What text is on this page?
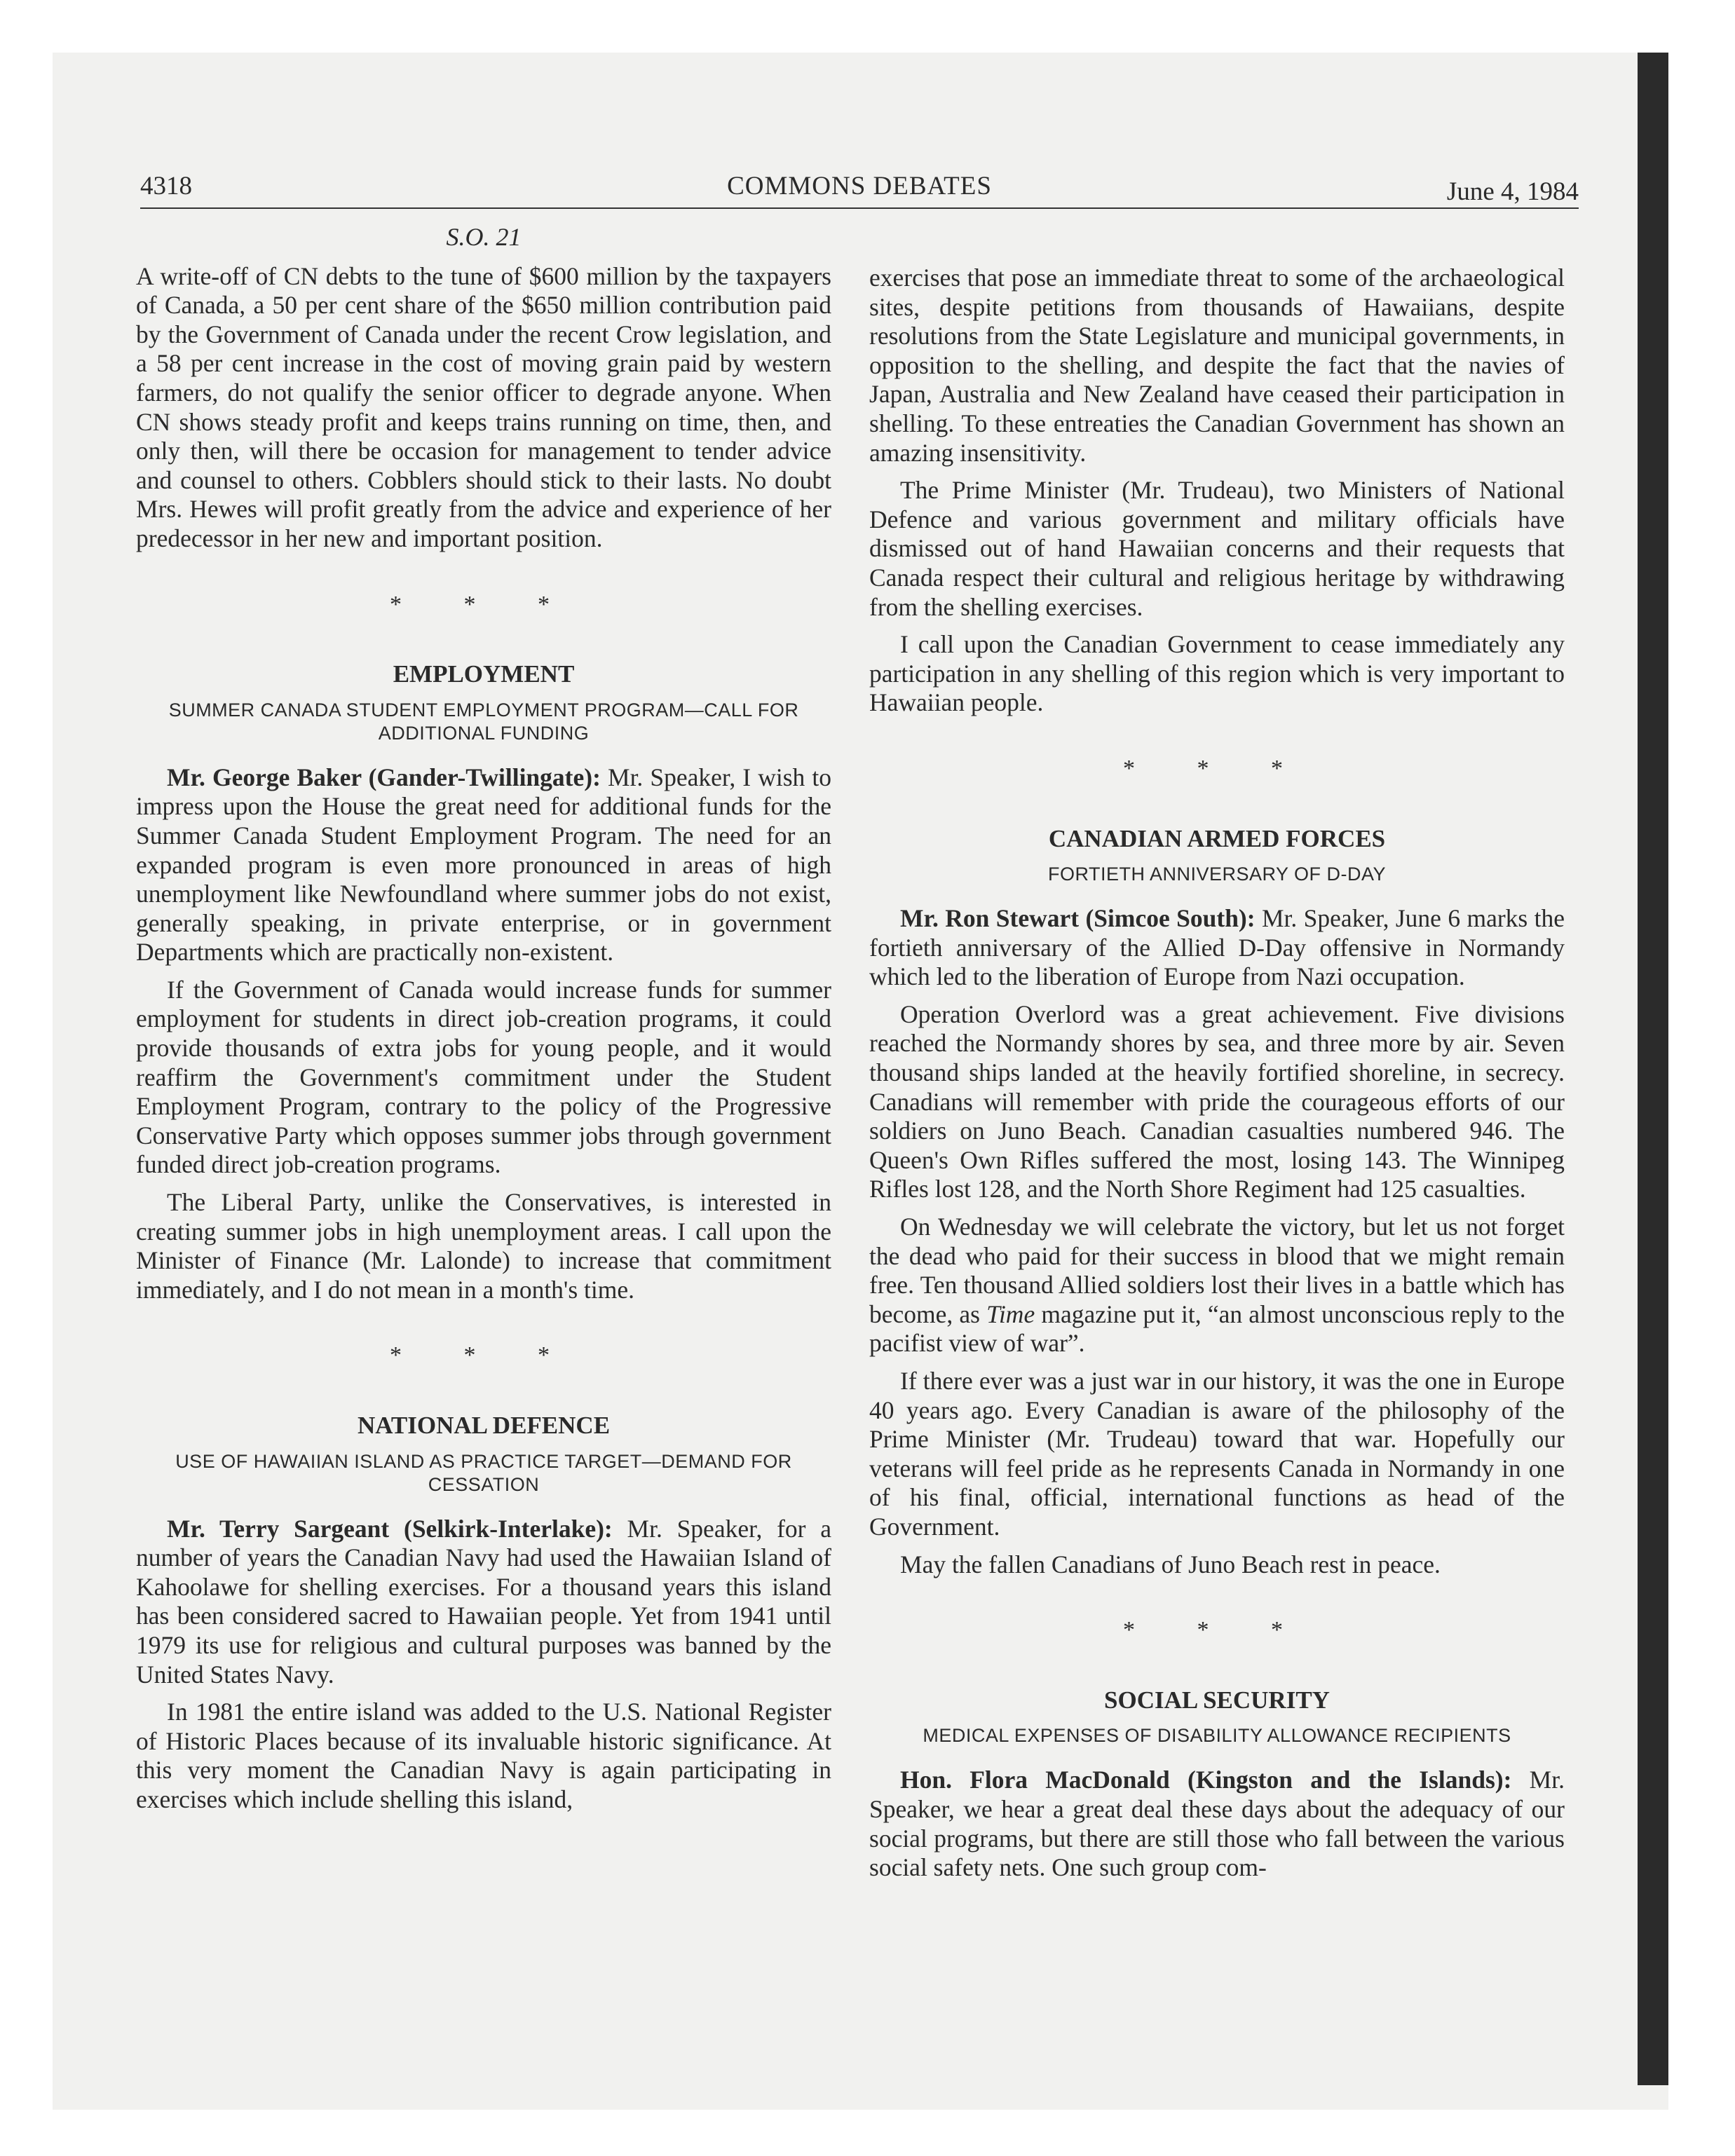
4318	COMMONS DEBATES	June 4, 1984
S.O. 21

A write-off of CN debts to the tune of $600 million by the taxpayers of Canada, a 50 per cent share of the $650 million contribution paid by the Government of Canada under the recent Crow legislation, and a 58 per cent increase in the cost of moving grain paid by western farmers, do not qualify the senior officer to degrade anyone. When CN shows steady profit and keeps trains running on time, then, and only then, will there be occasion for management to tender advice and counsel to others. Cobblers should stick to their lasts. No doubt Mrs. Hewes will profit greatly from the advice and experience of her predecessor in her new and important position.

* * *
EMPLOYMENT
SUMMER CANADA STUDENT EMPLOYMENT PROGRAM—CALL FOR ADDITIONAL FUNDING

Mr. George Baker (Gander-Twillingate): Mr. Speaker, I wish to impress upon the House the great need for additional funds for the Summer Canada Student Employment Program. The need for an expanded program is even more pronounced in areas of high unemployment like Newfoundland where summer jobs do not exist, generally speaking, in private enterprise, or in government Departments which are practically non-existent.

If the Government of Canada would increase funds for summer employment for students in direct job-creation programs, it could provide thousands of extra jobs for young people, and it would reaffirm the Government's commitment under the Student Employment Program, contrary to the policy of the Progressive Conservative Party which opposes summer jobs through government funded direct job-creation programs.

The Liberal Party, unlike the Conservatives, is interested in creating summer jobs in high unemployment areas. I call upon the Minister of Finance (Mr. Lalonde) to increase that commitment immediately, and I do not mean in a month's time.

* * *
NATIONAL DEFENCE
USE OF HAWAIIAN ISLAND AS PRACTICE TARGET—DEMAND FOR CESSATION

Mr. Terry Sargeant (Selkirk-Interlake): Mr. Speaker, for a number of years the Canadian Navy had used the Hawaiian Island of Kahoolawe for shelling exercises. For a thousand years this island has been considered sacred to Hawaiian people. Yet from 1941 until 1979 its use for religious and cultural purposes was banned by the United States Navy.

In 1981 the entire island was added to the U.S. National Register of Historic Places because of its invaluable historic significance. At this very moment the Canadian Navy is again participating in exercises which include shelling this island,

exercises that pose an immediate threat to some of the archaeological sites, despite petitions from thousands of Hawaiians, despite resolutions from the State Legislature and municipal governments, in opposition to the shelling, and despite the fact that the navies of Japan, Australia and New Zealand have ceased their participation in shelling. To these entreaties the Canadian Government has shown an amazing insensitivity.

The Prime Minister (Mr. Trudeau), two Ministers of National Defence and various government and military officials have dismissed out of hand Hawaiian concerns and their requests that Canada respect their cultural and religious heritage by withdrawing from the shelling exercises.

I call upon the Canadian Government to cease immediately any participation in any shelling of this region which is very important to Hawaiian people.

* * *
CANADIAN ARMED FORCES
FORTIETH ANNIVERSARY OF D-DAY

Mr. Ron Stewart (Simcoe South): Mr. Speaker, June 6 marks the fortieth anniversary of the Allied D-Day offensive in Normandy which led to the liberation of Europe from Nazi occupation.

Operation Overlord was a great achievement. Five divisions reached the Normandy shores by sea, and three more by air. Seven thousand ships landed at the heavily fortified shoreline, in secrecy. Canadians will remember with pride the courageous efforts of our soldiers on Juno Beach. Canadian casualties numbered 946. The Queen's Own Rifles suffered the most, losing 143. The Winnipeg Rifles lost 128, and the North Shore Regiment had 125 casualties.

On Wednesday we will celebrate the victory, but let us not forget the dead who paid for their success in blood that we might remain free. Ten thousand Allied soldiers lost their lives in a battle which has become, as Time magazine put it, “an almost unconscious reply to the pacifist view of war”.

If there ever was a just war in our history, it was the one in Europe 40 years ago. Every Canadian is aware of the philosophy of the Prime Minister (Mr. Trudeau) toward that war. Hopefully our veterans will feel pride as he represents Canada in Normandy in one of his final, official, international functions as head of the Government.

May the fallen Canadians of Juno Beach rest in peace.

* * *
SOCIAL SECURITY
MEDICAL EXPENSES OF DISABILITY ALLOWANCE RECIPIENTS

Hon. Flora MacDonald (Kingston and the Islands): Mr. Speaker, we hear a great deal these days about the adequacy of our social programs, but there are still those who fall between the various social safety nets. One such group com-
